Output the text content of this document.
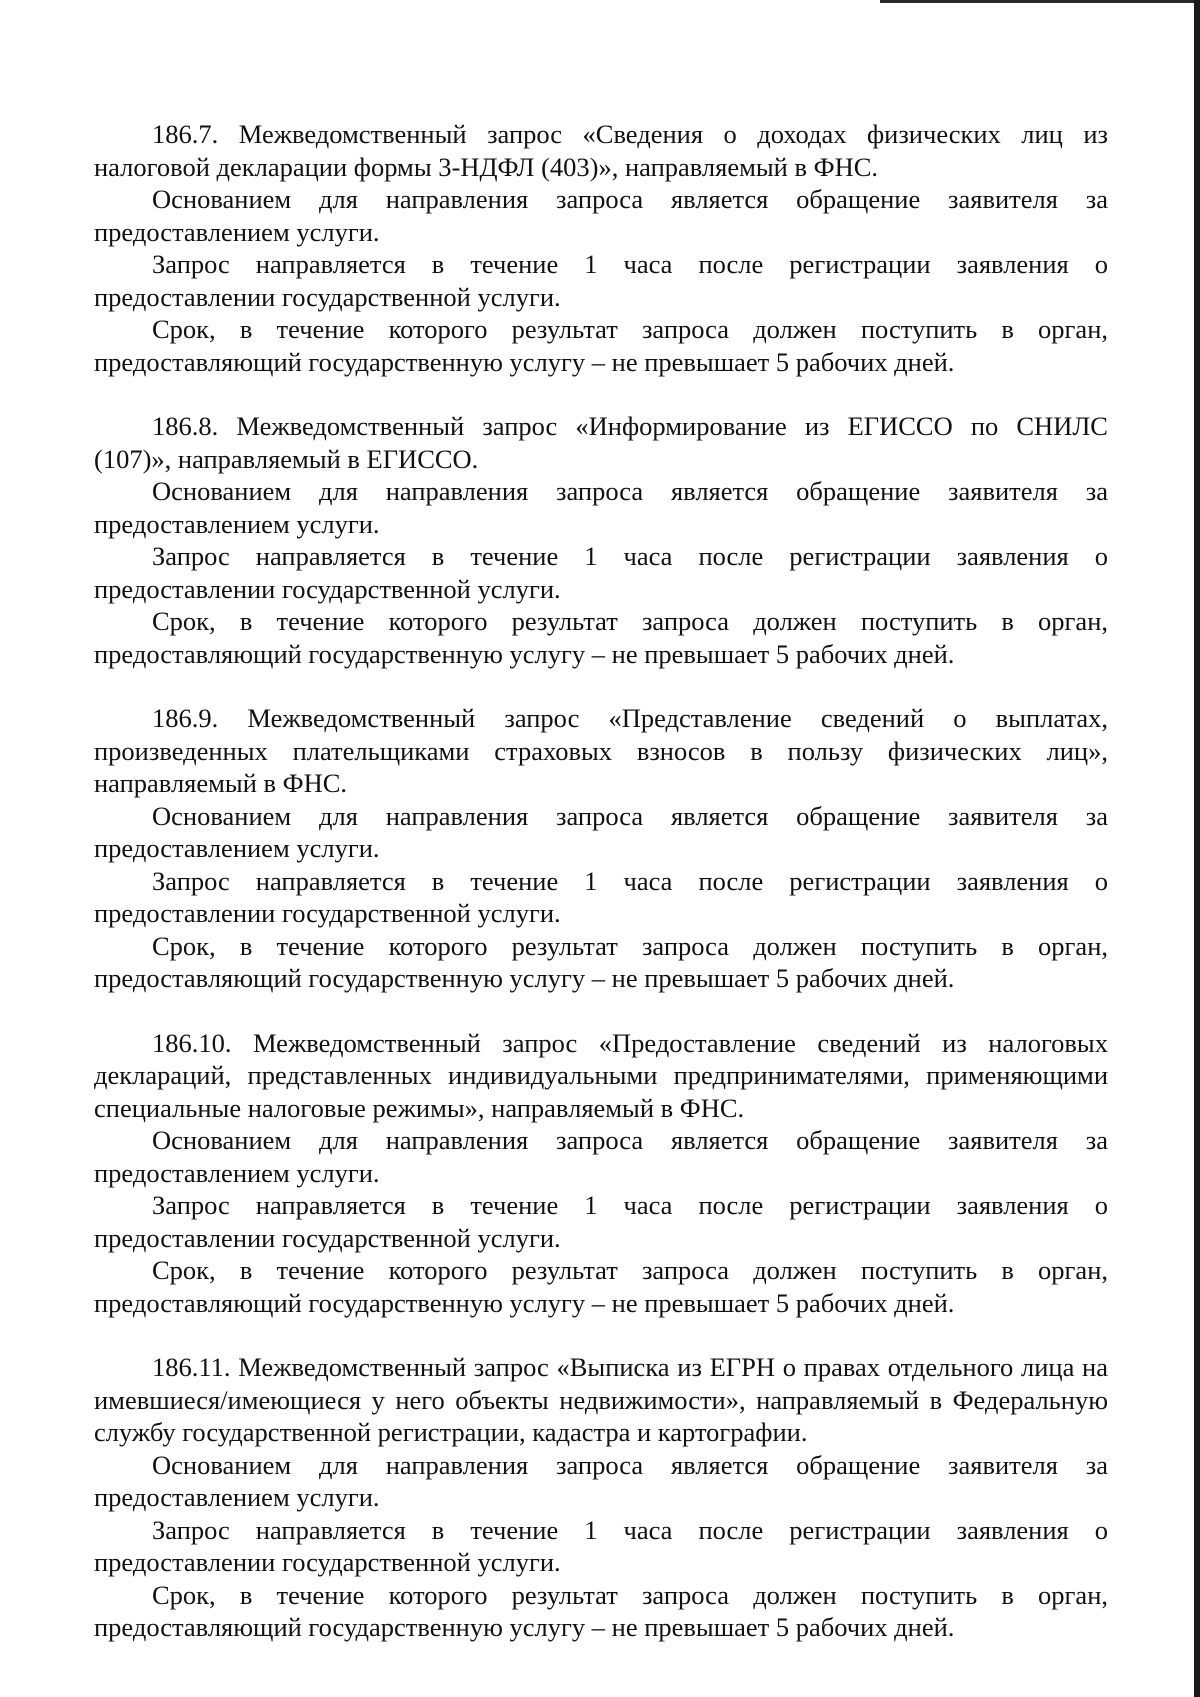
186.7. Межведомственный запрос «Сведения о доходах физических лиц из налоговой декларации формы 3-НДФЛ (403)», направляемый в ФНС.

Основанием для направления запроса является обращение заявителя за предоставлением услуги.

Запрос направляется в течение 1 часа после регистрации заявления о предоставлении государственной услуги.

Срок, в течение которого результат запроса должен поступить в орган, предоставляющий государственную услугу – не превышает 5 рабочих дней.

186.8. Межведомственный запрос «Информирование из ЕГИССО по СНИЛС (107)», направляемый в ЕГИССО.

Основанием для направления запроса является обращение заявителя за предоставлением услуги.

Запрос направляется в течение 1 часа после регистрации заявления о предоставлении государственной услуги.

Срок, в течение которого результат запроса должен поступить в орган, предоставляющий государственную услугу – не превышает 5 рабочих дней.

186.9. Межведомственный запрос «Представление сведений о выплатах, произведенных плательщиками страховых взносов в пользу физических лиц», направляемый в ФНС.

Основанием для направления запроса является обращение заявителя за предоставлением услуги.

Запрос направляется в течение 1 часа после регистрации заявления о предоставлении государственной услуги.

Срок, в течение которого результат запроса должен поступить в орган, предоставляющий государственную услугу – не превышает 5 рабочих дней.

186.10. Межведомственный запрос «Предоставление сведений из налоговых деклараций, представленных индивидуальными предпринимателями, применяющими специальные налоговые режимы», направляемый в ФНС.

Основанием для направления запроса является обращение заявителя за предоставлением услуги.

Запрос направляется в течение 1 часа после регистрации заявления о предоставлении государственной услуги.

Срок, в течение которого результат запроса должен поступить в орган, предоставляющий государственную услугу – не превышает 5 рабочих дней.

186.11. Межведомственный запрос «Выписка из ЕГРН о правах отдельного лица на имевшиеся/имеющиеся у него объекты недвижимости», направляемый в Федеральную службу государственной регистрации, кадастра и картографии.

Основанием для направления запроса является обращение заявителя за предоставлением услуги.

Запрос направляется в течение 1 часа после регистрации заявления о предоставлении государственной услуги.

Срок, в течение которого результат запроса должен поступить в орган, предоставляющий государственную услугу – не превышает 5 рабочих дней.
